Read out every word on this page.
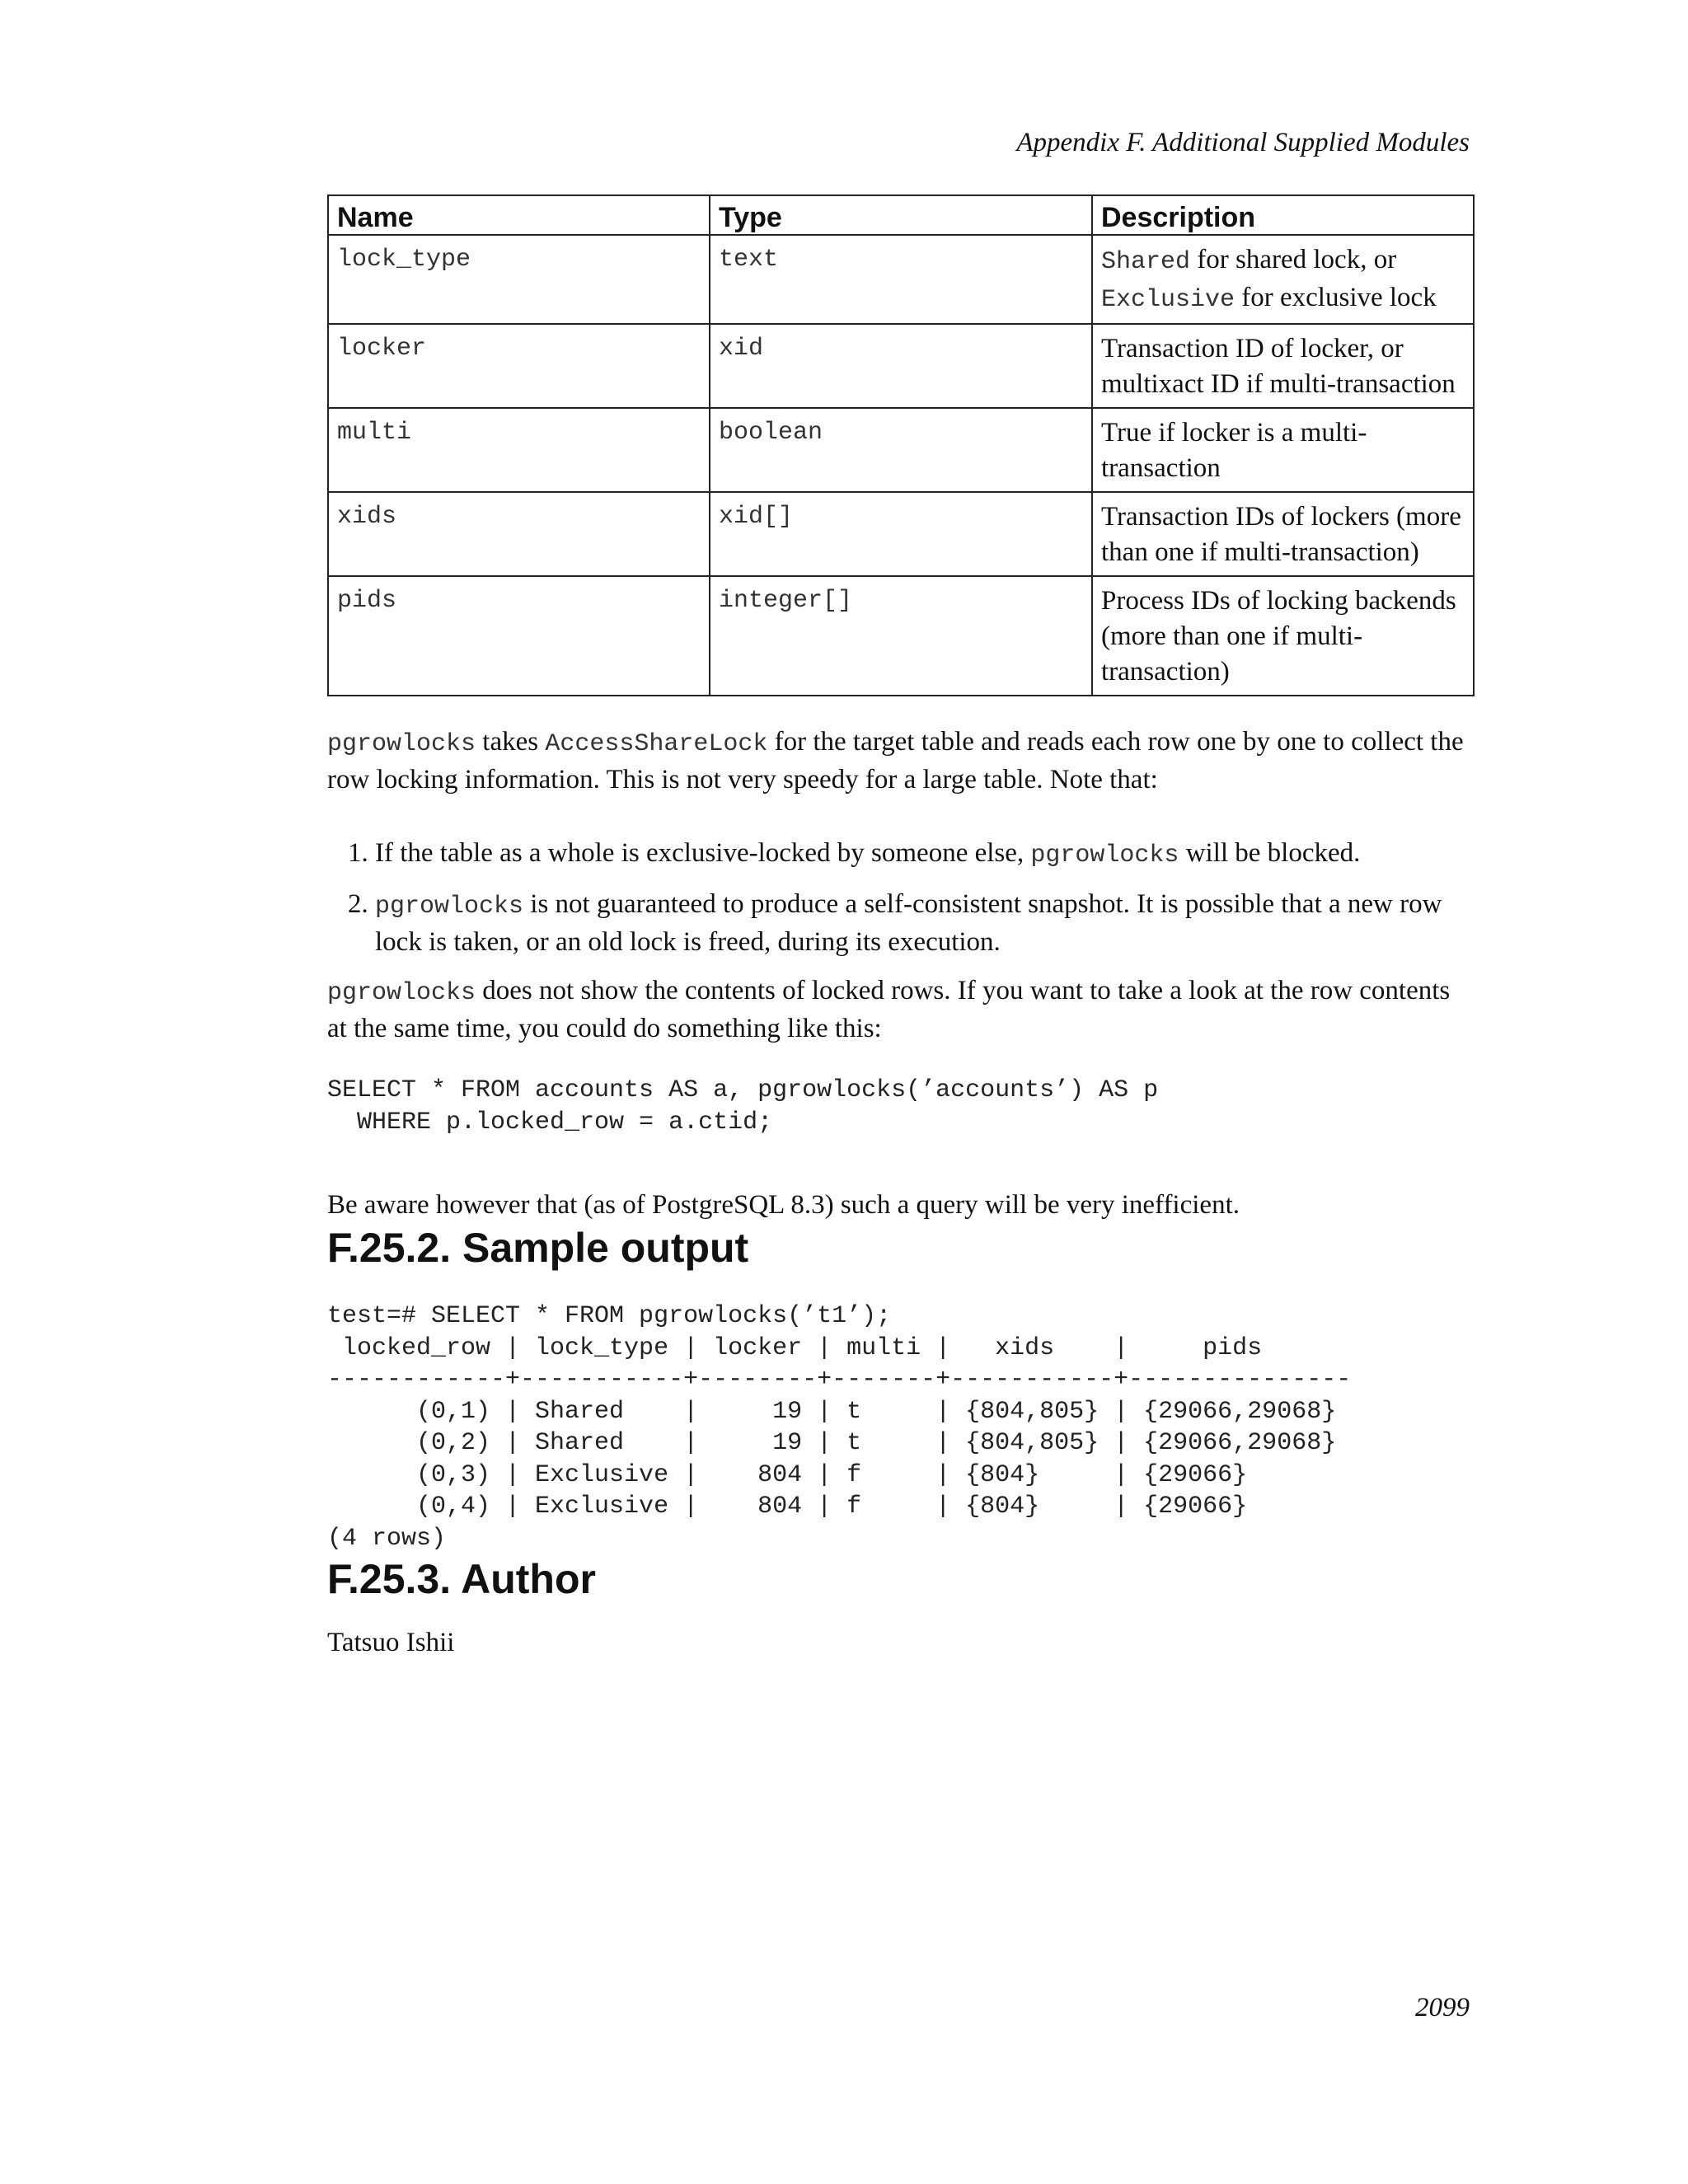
Appendix F. Additional Supplied Modules
Name	Type	Description
lock_type	text	Shared for shared lock, or Exclusive for exclusive lock
locker	xid	Transaction ID of locker, or multixact ID if multi-transaction
multi	boolean	True if locker is a multi-transaction
xids	xid[]	Transaction IDs of lockers (more than one if multi-transaction)
pids	integer[]	Process IDs of locking backends (more than one if multi-transaction)

pgrowlocks takes AccessShareLock for the target table and reads each row one by one to collect the row locking information. This is not very speedy for a large table. Note that:

1. If the table as a whole is exclusive-locked by someone else, pgrowlocks will be blocked.
2. pgrowlocks is not guaranteed to produce a self-consistent snapshot. It is possible that a new row lock is taken, or an old lock is freed, during its execution.

pgrowlocks does not show the contents of locked rows. If you want to take a look at the row contents at the same time, you could do something like this:

SELECT * FROM accounts AS a, pgrowlocks(’accounts’) AS p
WHERE p.locked_row = a.ctid;

Be aware however that (as of PostgreSQL 8.3) such a query will be very inefficient.

F.25.2. Sample output
test=# SELECT * FROM pgrowlocks(’t1’);
locked_row | lock_type | locker | multi |   xids    |     pids
------------+-----------+--------+-------+-----------+---------------
(0,1) | Shared    |     19 | t     | {804,805} | {29066,29068}
(0,2) | Shared    |     19 | t     | {804,805} | {29066,29068}
(0,3) | Exclusive |    804 | f     | {804}     | {29066}
(0,4) | Exclusive |    804 | f     | {804}     | {29066}
(4 rows)
F.25.3. Author

Tatsuo Ishii

2099
